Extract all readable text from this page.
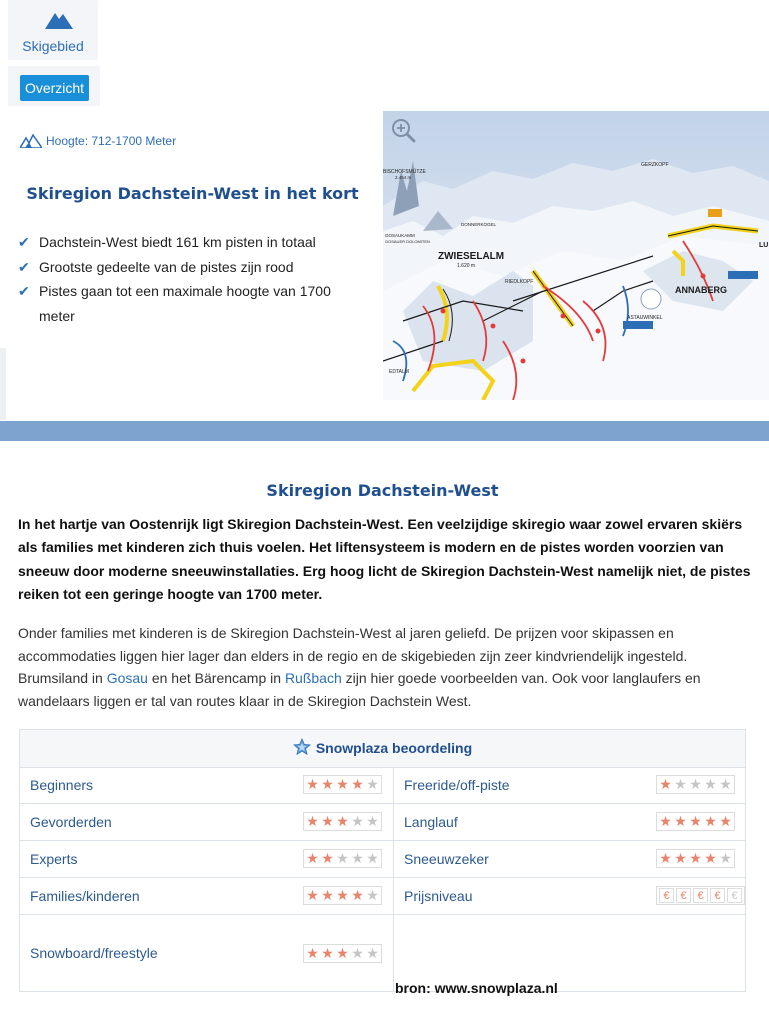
Skigebied
Overzicht
Hoogte: 712-1700 Meter
Skiregion Dachstein-West in het kort
✔ Dachstein-West biedt 161 km pisten in totaal
✔ Grootste gedeelte van de pistes zijn rood
✔ Pistes gaan tot een maximale hoogte van 1700 meter
BISCHOFSMÜTZE
2.454 m
GERZKOPF
DONNERKOGEL
GOSAUKAMM
GOSAUER DOLOMITEN
ZWIESELALM
1.620 m
RIEDLKOPF
ANNABERG
ASTAUWINKEL
EDTALM
LU
Skiregion Dachstein-West

In het hartje van Oostenrijk ligt Skiregion Dachstein-West. Een veelzijdige skiregio waar zowel ervaren skiërs als families met kinderen zich thuis voelen. Het liftensysteem is modern en de pistes worden voorzien van sneeuw door moderne sneeuwinstallaties. Erg hoog licht de Skiregion Dachstein-West namelijk niet, de pistes reiken tot een geringe hoogte van 1700 meter.

Onder families met kinderen is de Skiregion Dachstein-West al jaren geliefd. De prijzen voor skipassen en accommodaties liggen hier lager dan elders in de regio en de skigebieden zijn zeer kindvriendelijk ingesteld. Brumsiland in Gosau en het Bärencamp in Rußbach zijn hier goede voorbeelden van. Ook voor langlaufers en wandelaars liggen er tal van routes klaar in de Skiregion Dachstein West.

Snowplaza beoordeling
Beginners	★ ★ ★ ★ ★ Freeride/off-piste	★ ★ ★ ★ ★
Gevorderden	★ ★ ★ ★ ★ Langlauf	★ ★ ★ ★ ★
Experts	★ ★ ★ ★ ★ Sneeuwzeker	★ ★ ★ ★ ★
Families/kinderen	★ ★ ★ ★ ★ Prijsniveau	€ € € € €
Snowboard/freestyle	★ ★ ★ ★ ★
bron: www.snowplaza.nl
